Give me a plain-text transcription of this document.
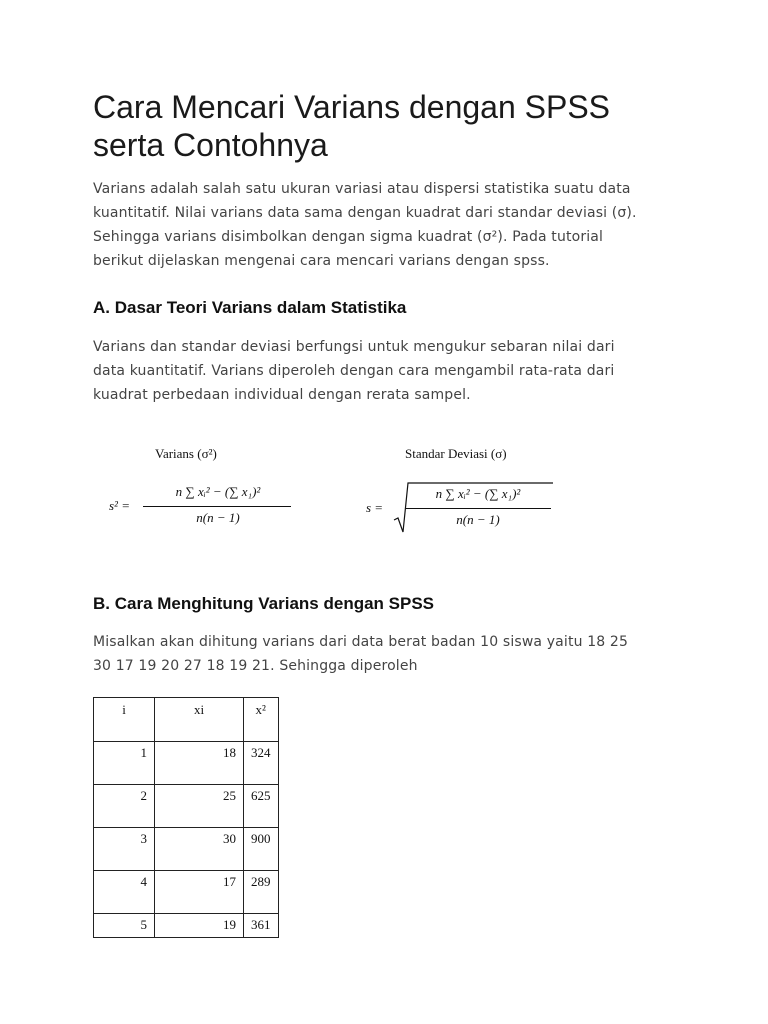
Cara Mencari Varians dengan SPSS serta Contohnya

Varians adalah salah satu ukuran variasi atau dispersi statistika suatu data
kuantitatif. Nilai varians data sama dengan kuadrat dari standar deviasi (σ).
Sehingga varians disimbolkan dengan sigma kuadrat (σ²). Pada tutorial
berikut dijelaskan mengenai cara mencari varians dengan spss.

A. Dasar Teori Varians dalam Statistika

Varians dan standar deviasi berfungsi untuk mengukur sebaran nilai dari
data kuantitatif. Varians diperoleh dengan cara mengambil rata-rata dari
kuadrat perbedaan individual dengan rerata sampel.

Varians (σ²)	Standar Deviasi (σ)
s² =
n ∑ xᵢ² − (∑ x₁)²
n(n − 1)
s =
n ∑ xᵢ² − (∑ x₁)²
n(n − 1)
B. Cara Menghitung Varians dengan SPSS

Misalkan akan dihitung varians dari data berat badan 10 siswa yaitu 18 25
30 17 19 20 27 18 19 21. Sehingga diperoleh

i	xi	x²
1	18	324
2	25	625
3	30	900
4	17	289
5	19	361
